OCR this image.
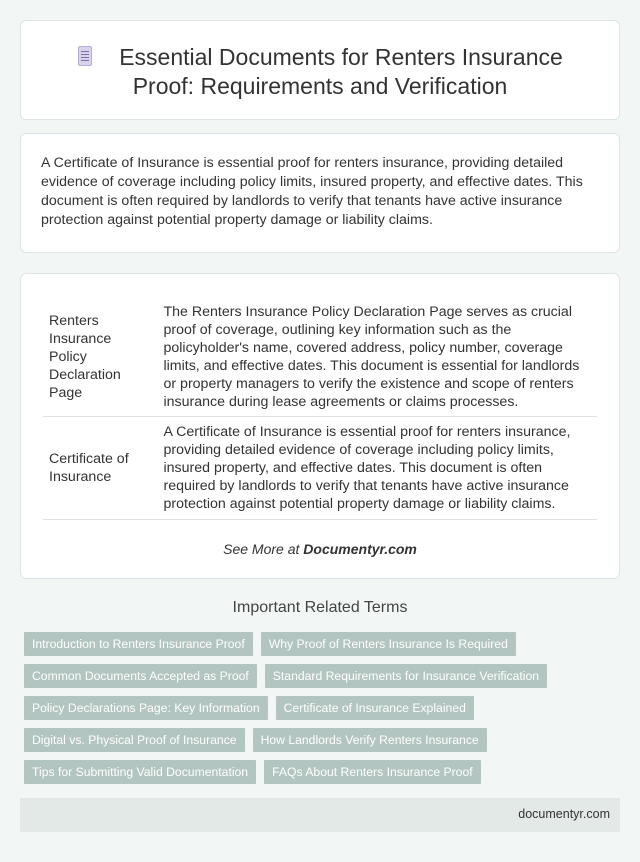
Essential Documents for Renters Insurance
Proof: Requirements and Verification

A Certificate of Insurance is essential proof for renters insurance, providing detailed evidence of coverage including policy limits, insured property, and effective dates. This document is often required by landlords to verify that tenants have active insurance protection against potential property damage or liability claims.

Renters Insurance Policy Declaration Page	The Renters Insurance Policy Declaration Page serves as crucial proof of coverage, outlining key information such as the policyholder's name, covered address, policy number, coverage limits, and effective dates. This document is essential for landlords or property managers to verify the existence and scope of renters insurance during lease agreements or claims processes.
Certificate of Insurance	A Certificate of Insurance is essential proof for renters insurance, providing detailed evidence of coverage including policy limits, insured property, and effective dates. This document is often required by landlords to verify that tenants have active insurance protection against potential property damage or liability claims.
See More at Documentyr.com
Important Related Terms
Introduction to Renters Insurance Proof	Why Proof of Renters Insurance Is Required
Common Documents Accepted as Proof	Standard Requirements for Insurance Verification
Policy Declarations Page: Key Information	Certificate of Insurance Explained
Digital vs. Physical Proof of Insurance	How Landlords Verify Renters Insurance
Tips for Submitting Valid Documentation	FAQs About Renters Insurance Proof
documentyr.com
